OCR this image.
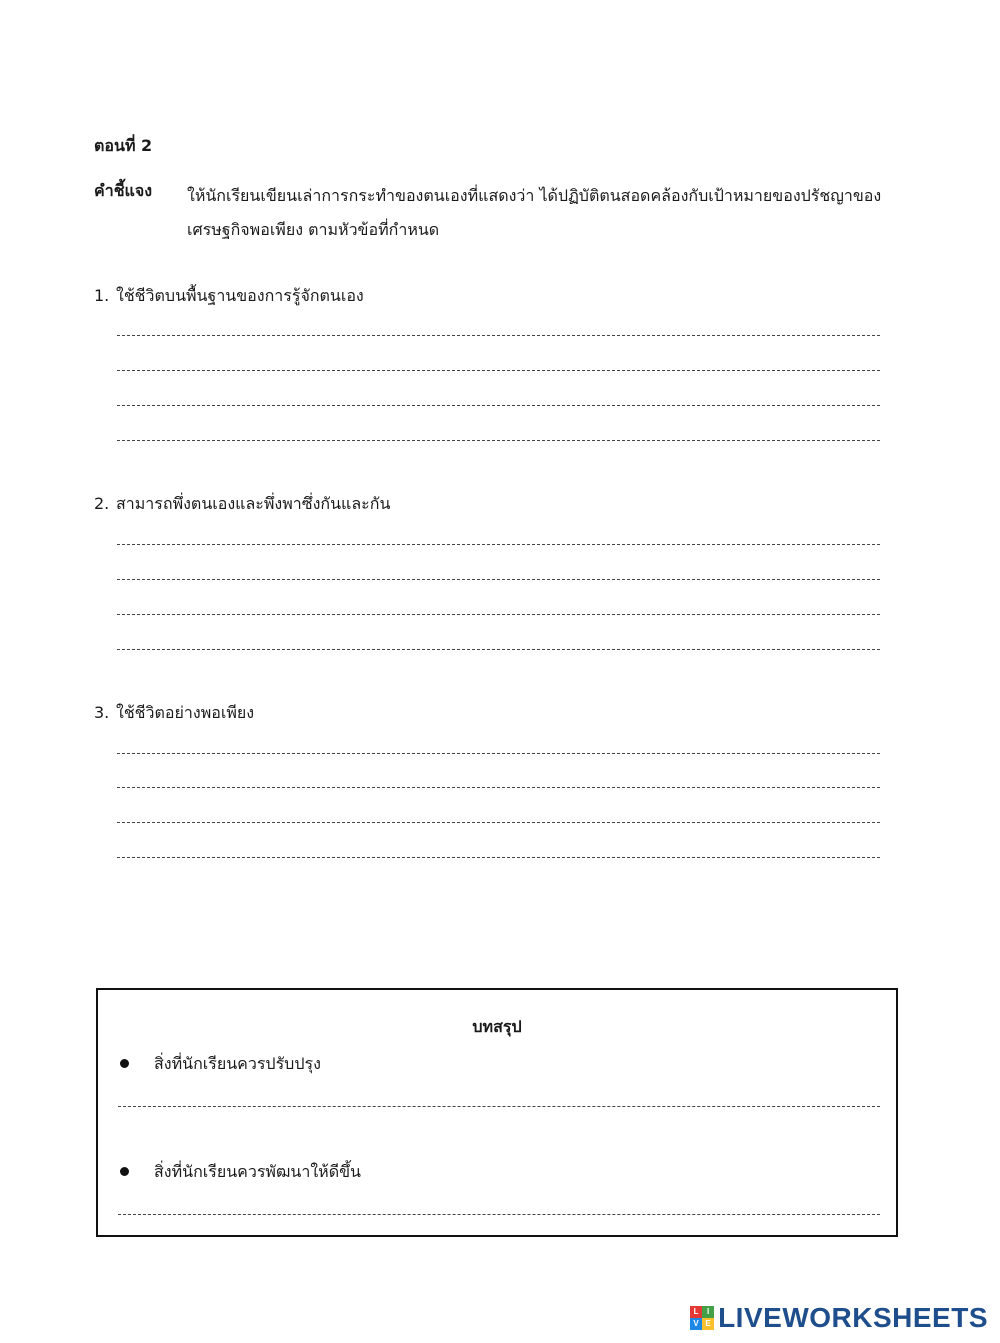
ตอนที่ 2
คำชี้แจง ให้นักเรียนเขียนเล่าการกระทำของตนเองที่แสดงว่า ได้ปฏิบัติตนสอดคล้องกับเป้าหมายของปรัชญาของเศรษฐกิจพอเพียง ตามหัวข้อที่กำหนด
1. ใช้ชีวิตบนพื้นฐานของการรู้จักตนเอง
2. สามารถพึ่งตนเองและพึ่งพาซึ่งกันและกัน
3. ใช้ชีวิตอย่างพอเพียง
บทสรุป
สิ่งที่นักเรียนควรปรับปรุง
สิ่งที่นักเรียนควรพัฒนาให้ดีขึ้น
L	I
V E LIVEWORKSHEETS
